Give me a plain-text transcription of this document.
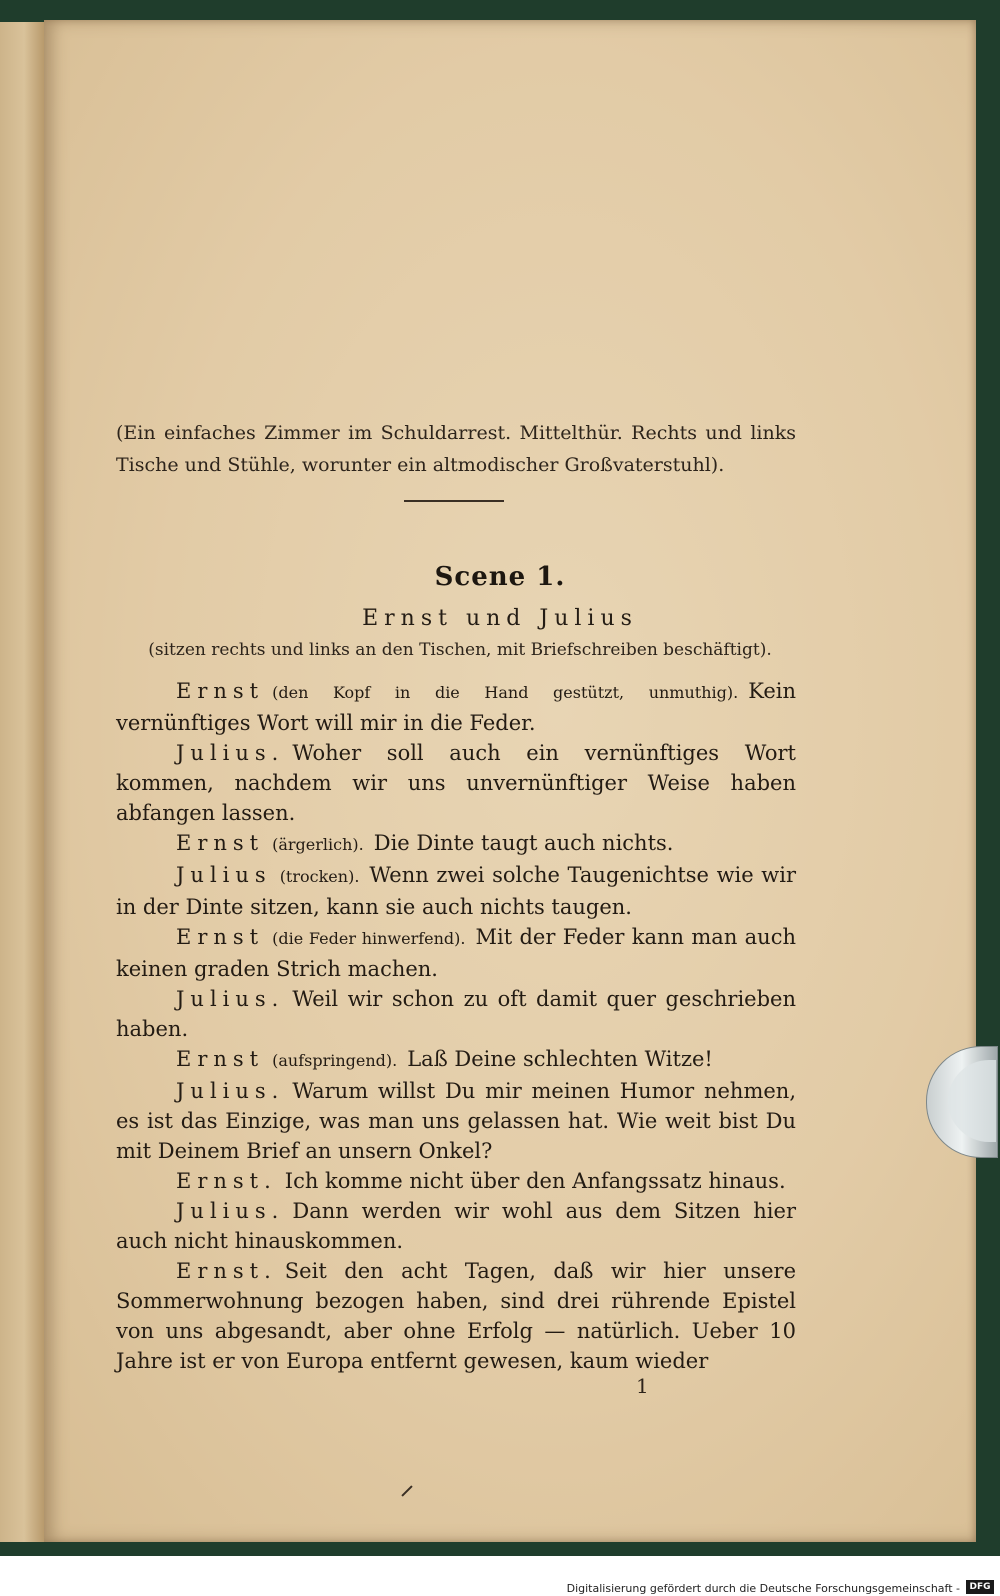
(Ein einfaches Zimmer im Schuldarrest. Mittelthür. Rechts und links Tische und Stühle, worunter ein altmodischer Großvaterstuhl).

Scene 1.
Ernst und Julius
(sitzen rechts und links an den Tischen, mit Briefschreiben beschäftigt).

Ernst (den Kopf in die Hand gestützt, unmuthig). Kein vernünftiges Wort will mir in die Feder.

Julius. Woher soll auch ein vernünftiges Wort kommen, nachdem wir uns unvernünftiger Weise haben abfangen lassen.

Ernst (ärgerlich). Die Dinte taugt auch nichts.

Julius (trocken). Wenn zwei solche Taugenichtse wie wir in der Dinte sitzen, kann sie auch nichts taugen.

Ernst (die Feder hinwerfend). Mit der Feder kann man auch keinen graden Strich machen.

Julius. Weil wir schon zu oft damit quer geschrieben haben.

Ernst (aufspringend). Laß Deine schlechten Witze!

Julius. Warum willst Du mir meinen Humor nehmen, es ist das Einzige, was man uns gelassen hat. Wie weit bist Du mit Deinem Brief an unsern Onkel?

Ernst. Ich komme nicht über den Anfangssatz hinaus.

Julius. Dann werden wir wohl aus dem Sitzen hier auch nicht hinauskommen.

Ernst. Seit den acht Tagen, daß wir hier unsere Sommerwohnung bezogen haben, sind drei rührende Epistel von uns abgesandt, aber ohne Erfolg — natürlich. Ueber 10 Jahre ist er von Europa entfernt gewesen, kaum wieder

1
Digitalisierung gefördert durch die Deutsche Forschungsgemeinschaft -	DFG
